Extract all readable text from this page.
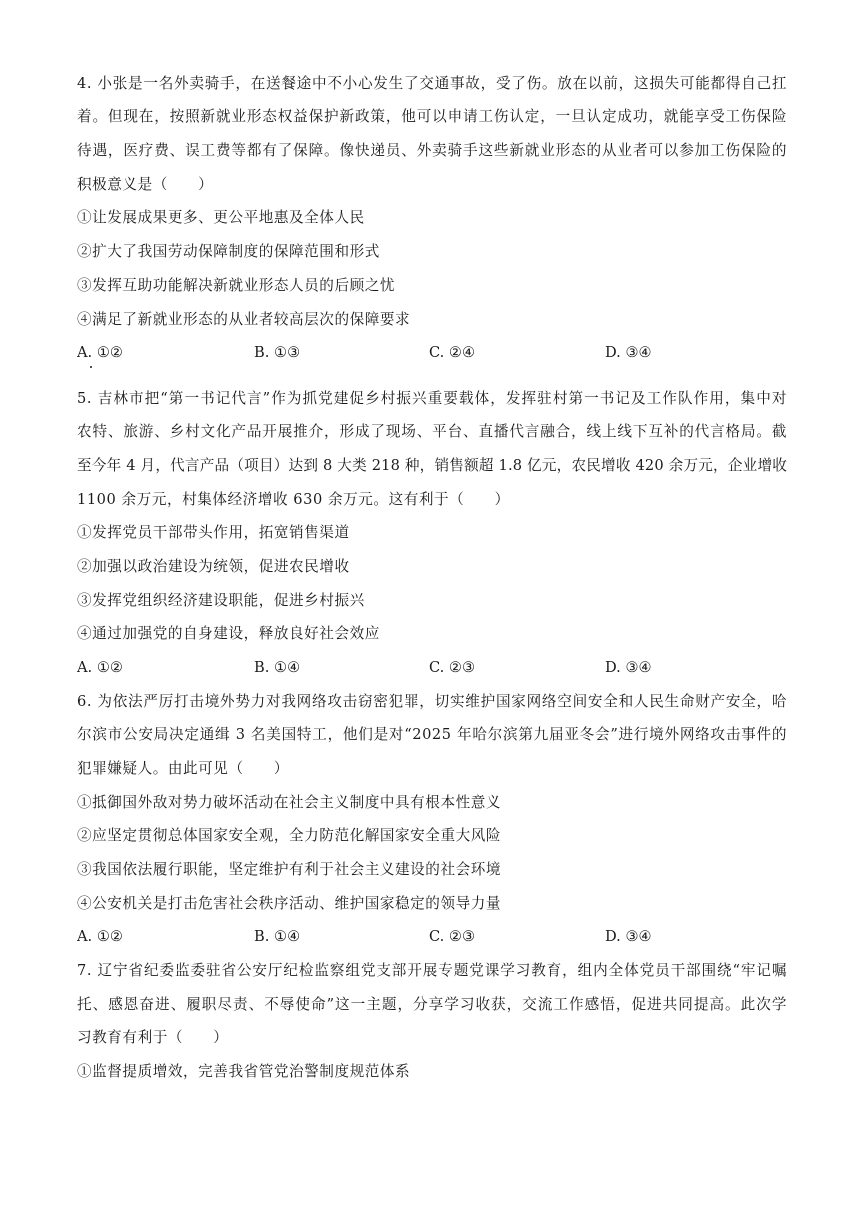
4. 小张是一名外卖骑手，在送餐途中不小心发生了交通事故，受了伤。放在以前，这损失可能都得自己扛
着。但现在，按照新就业形态权益保护新政策，他可以申请工伤认定，一旦认定成功，就能享受工伤保险
待遇，医疗费、误工费等都有了保障。像快递员、外卖骑手这些新就业形态的从业者可以参加工伤保险的
积极意义是（　　）
①让发展成果更多、更公平地惠及全体人民
②扩大了我国劳动保障制度的保障范围和形式
③发挥互助功能解决新就业形态人员的后顾之忧
④满足了新就业形态的从业者较高层次的保障要求
A. ①②	B. ①③	C. ②④	D. ③④
5. 吉林市把“第一书记代言”作为抓党建促乡村振兴重要载体，发挥驻村第一书记及工作队作用，集中对
农特、旅游、乡村文化产品开展推介，形成了现场、平台、直播代言融合，线上线下互补的代言格局。截
至今年 4 月，代言产品（项目）达到 8 大类 218 种，销售额超 1.8 亿元，农民增收 420 余万元，企业增收
1100 余万元，村集体经济增收 630 余万元。这有利于（　　）
①发挥党员干部带头作用，拓宽销售渠道
②加强以政治建设为统领，促进农民增收
③发挥党组织经济建设职能，促进乡村振兴
④通过加强党的自身建设，释放良好社会效应
A. ①②	B. ①④	C. ②③	D. ③④
6. 为依法严厉打击境外势力对我网络攻击窃密犯罪，切实维护国家网络空间安全和人民生命财产安全，哈
尔滨市公安局决定通缉 3 名美国特工，他们是对“2025 年哈尔滨第九届亚冬会”进行境外网络攻击事件的
犯罪嫌疑人。由此可见（　　）
①抵御国外敌对势力破坏活动在社会主义制度中具有根本性意义
②应坚定贯彻总体国家安全观，全力防范化解国家安全重大风险
③我国依法履行职能，坚定维护有利于社会主义建设的社会环境
④公安机关是打击危害社会秩序活动、维护国家稳定的领导力量
A. ①②	B. ①④	C. ②③	D. ③④
7. 辽宁省纪委监委驻省公安厅纪检监察组党支部开展专题党课学习教育，组内全体党员干部围绕“牢记嘱
托、感恩奋进、履职尽责、不辱使命”这一主题，分享学习收获，交流工作感悟，促进共同提高。此次学
习教育有利于（　　）
①监督提质增效，完善我省管党治警制度规范体系
